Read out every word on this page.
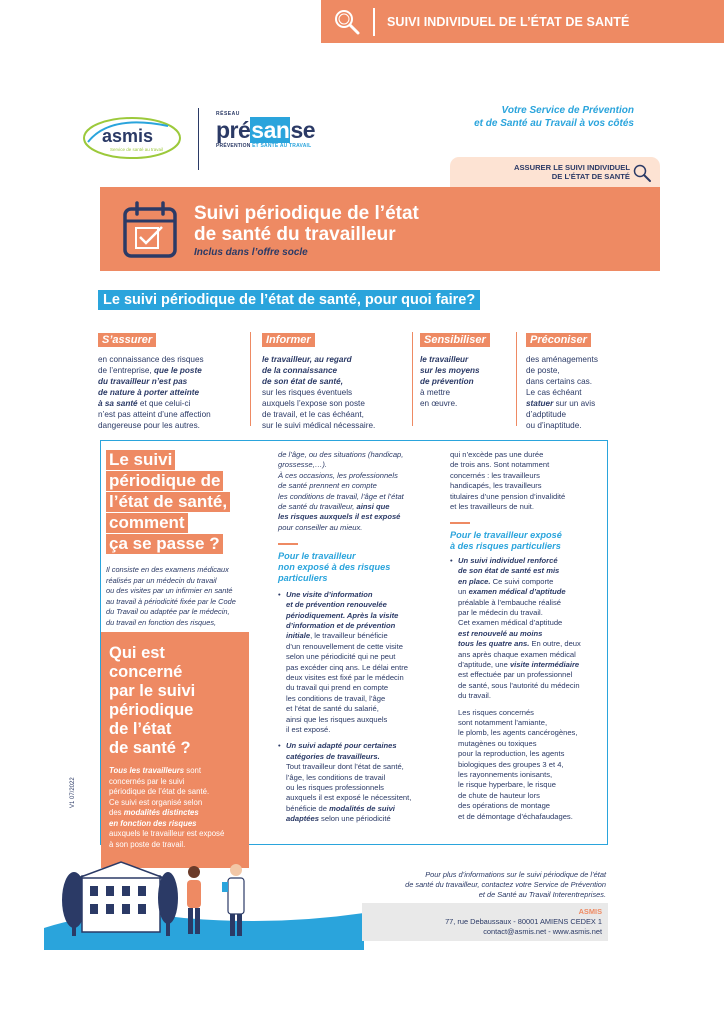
SUIVI INDIVIDUEL DE L’ÉTAT DE SANTÉ
asmis
Service de santé au travail
RÉSEAU
présanse
PRÉVENTION ET SANTÉ AU TRAVAIL
Votre Service de Prévention
et de Santé au Travail à vos côtés
ASSURER LE SUIVI INDIVIDUEL
DE L’ÉTAT DE SANTÉ
Suivi périodique de l’état
de santé du travailleur
Inclus dans l’offre socle
Le suivi périodique de l’état de santé, pour quoi faire?
S’assurer
en connaissance des risques
de l’entreprise, que le poste
du travailleur n’est pas
de nature à porter atteinte
à sa santé et que celui-ci
n’est pas atteint d’une affection
dangereuse pour les autres.
Informer
le travailleur, au regard
de la connaissance
de son état de santé,
sur les risques éventuels
auxquels l’expose son poste
de travail, et le cas échéant,
sur le suivi médical nécessaire.
Sensibiliser
le travailleur
sur les moyens
de prévention
à mettre
en œuvre.
Préconiser
des aménagements
de poste,
dans certains cas.
Le cas échéant
statuer sur un avis
d’adptitude
ou d’inaptitude.
Le suivi
périodique de
l’état de santé,
comment
ça se passe ?
Il consiste en des examens médicaux
réalisés par un médecin du travail
ou des visites par un infirmier en santé
au travail à périodicité fixée par le Code
du Travail ou adaptée par le médecin,
du travail en fonction des risques,
Qui est
concerné
par le suivi
périodique
de l’état
de santé ?
Tous les travailleurs sont
concernés par le suivi
périodique de l’état de santé.
Ce suivi est organisé selon
des modalités distinctes
en fonction des risques
auxquels le travailleur est exposé
à son poste de travail.
de l’âge, ou des situations (handicap,
grossesse,…).
À ces occasions, les professionnels
de santé prennent en compte
les conditions de travail, l’âge et l’état
de santé du travailleur, ainsi que
les risques auxquels il est exposé
pour conseiller au mieux.
Pour le travailleur
non exposé à des risques
particuliers
• Une visite d’information
et de prévention renouvelée
périodiquement. Après la visite
d’information et de prévention
initiale, le travailleur bénéficie
d’un renouvellement de cette visite
selon une périodicité qui ne peut
pas excéder cinq ans. Le délai entre
deux visites est fixé par le médecin
du travail qui prend en compte
les conditions de travail, l’âge
et l’état de santé du salarié,
ainsi que les risques auxquels
il est exposé.
• Un suivi adapté pour certaines
catégories de travailleurs.
Tout travailleur dont l’état de santé,
l’âge, les conditions de travail
ou les risques professionnels
auxquels il est exposé le nécessitent,
bénéficie de modalités de suivi
adaptées selon une périodicité
qui n’excède pas une durée
de trois ans. Sont notamment
concernés : les travailleurs
handicapés, les travailleurs
titulaires d’une pension d’invalidité
et les travailleurs de nuit.
Pour le travailleur exposé
à des risques particuliers
• Un suivi individuel renforcé
de son état de santé est mis
en place. Ce suivi comporte
un examen médical d’aptitude
préalable à l’embauche réalisé
par le médecin du travail.
Cet examen médical d’aptitude
est renouvelé au moins
tous les quatre ans. En outre, deux
ans après chaque examen médical
d’aptitude, une visite intermédiaire
est effectuée par un professionnel
de santé, sous l’autorité du médecin
du travail.
Les risques concernés
sont notamment l’amiante,
le plomb, les agents cancérogènes,
mutagènes ou toxiques
pour la reproduction, les agents
biologiques des groupes 3 et 4,
les rayonnements ionisants,
le risque hyperbare, le risque
de chute de hauteur lors
des opérations de montage
et de démontage d’échafaudages.
V1 07/2022
Pour plus d’informations sur le suivi périodique de l’état
de santé du travailleur, contactez votre Service de Prévention
et de Santé au Travail Interentreprises.
ASMIS
77, rue Debaussaux - 80001 AMIENS CEDEX 1
contact@asmis.net - www.asmis.net
